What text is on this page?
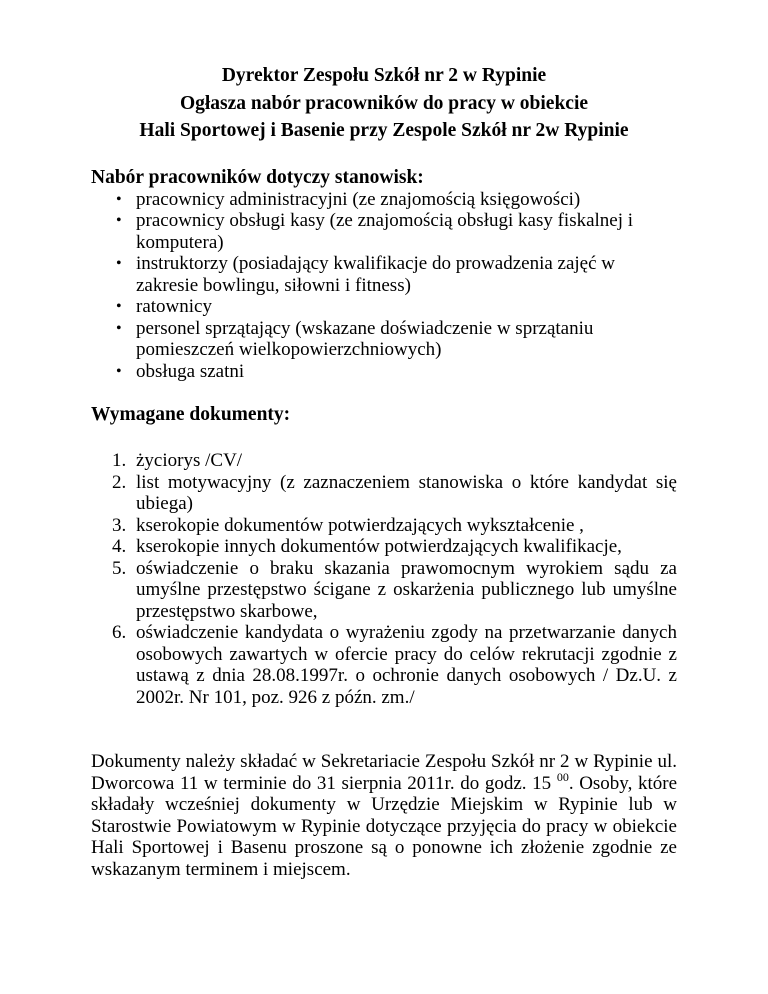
Dyrektor Zespołu Szkół nr 2 w Rypinie
Ogłasza nabór pracowników do pracy w obiekcie
Hali Sportowej i Basenie przy Zespole Szkół nr 2w Rypinie

Nabór pracowników dotyczy stanowisk:

• pracownicy administracyjni (ze znajomością księgowości)
• pracownicy obsługi kasy (ze znajomością obsługi kasy fiskalnej i komputera)
• instruktorzy (posiadający kwalifikacje do prowadzenia zajęć w zakresie bowlingu, siłowni i fitness)
• ratownicy
• personel sprzątający (wskazane doświadczenie w sprzątaniu pomieszczeń wielkopowierzchniowych)
• obsługa szatni

Wymagane dokumenty:

1. życiorys /CV/
2. list motywacyjny (z zaznaczeniem stanowiska o które kandydat się ubiega)
3. kserokopie dokumentów potwierdzających wykształcenie ,
4. kserokopie innych dokumentów potwierdzających kwalifikacje,
5. oświadczenie o braku skazania prawomocnym wyrokiem sądu za umyślne przestępstwo ścigane z oskarżenia publicznego lub umyślne przestępstwo skarbowe,
6. oświadczenie kandydata o wyrażeniu zgody na przetwarzanie danych osobowych zawartych w ofercie pracy do celów rekrutacji zgodnie z ustawą z dnia 28.08.1997r. o ochronie danych osobowych / Dz.U. z 2002r. Nr 101, poz. 926 z późn. zm./

Dokumenty należy składać w Sekretariacie Zespołu Szkół nr 2 w Rypinie ul. Dworcowa 11 w terminie do 31 sierpnia 2011r. do godz. 15 $^{00}$. Osoby, które składały wcześniej dokumenty w Urzędzie Miejskim w Rypinie lub w Starostwie Powiatowym w Rypinie dotyczące przyjęcia do pracy w obiekcie Hali Sportowej i Basenu proszone są o ponowne ich złożenie zgodnie ze wskazanym terminem i miejscem.
